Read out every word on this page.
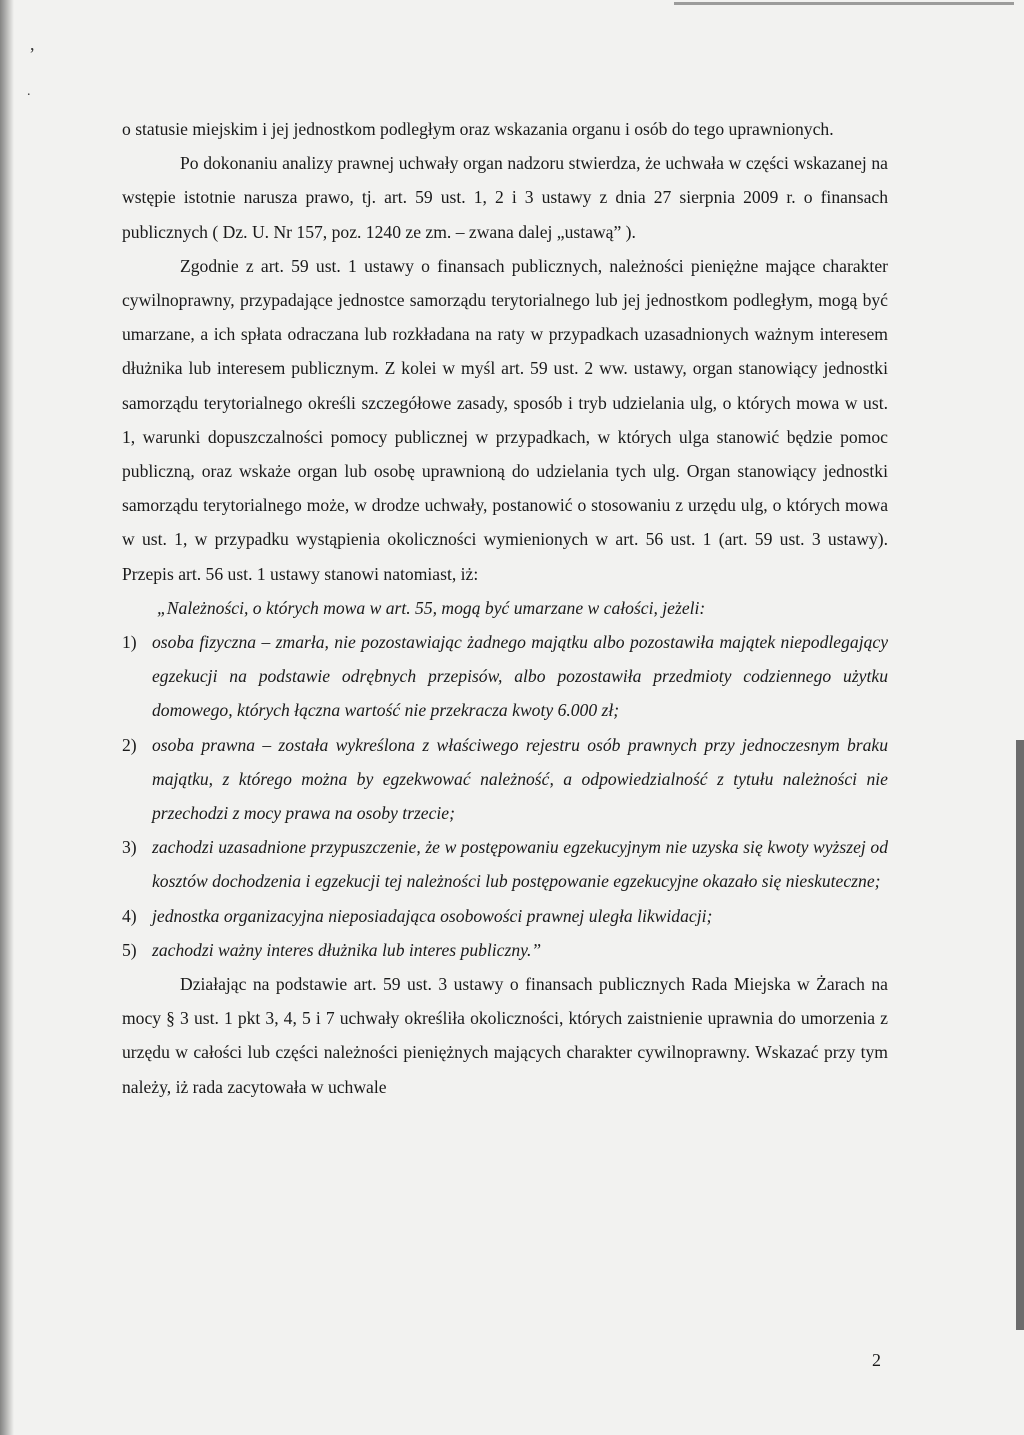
,
.

o statusie miejskim i jej jednostkom podległym oraz wskazania organu i osób do tego uprawnionych.

Po dokonaniu analizy prawnej uchwały organ nadzoru stwierdza, że uchwała w części wskazanej na wstępie istotnie narusza prawo, tj. art. 59 ust. 1, 2 i 3 ustawy z dnia 27 sierpnia 2009 r. o finansach publicznych ( Dz. U. Nr 157, poz. 1240 ze zm. – zwana dalej „ustawą” ).

Zgodnie z art. 59 ust. 1 ustawy o finansach publicznych, należności pieniężne mające charakter cywilnoprawny, przypadające jednostce samorządu terytorialnego lub jej jednostkom podległym, mogą być umarzane, a ich spłata odraczana lub rozkładana na raty w przypadkach uzasadnionych ważnym interesem dłużnika lub interesem publicznym. Z kolei w myśl art. 59 ust. 2 ww. ustawy, organ stanowiący jednostki samorządu terytorialnego określi szczegółowe zasady, sposób i tryb udzielania ulg, o których mowa w ust. 1, warunki dopuszczalności pomocy publicznej w przypadkach, w których ulga stanowić będzie pomoc publiczną, oraz wskaże organ lub osobę uprawnioną do udzielania tych ulg. Organ stanowiący jednostki samorządu terytorialnego może, w drodze uchwały, postanowić o stosowaniu z urzędu ulg, o których mowa w ust. 1, w przypadku wystąpienia okoliczności wymienionych w art. 56 ust. 1 (art. 59 ust. 3 ustawy). Przepis art. 56 ust. 1 ustawy stanowi natomiast, iż:

„Należności, o których mowa w art. 55, mogą być umarzane w całości, jeżeli:

1) osoba fizyczna – zmarła, nie pozostawiając żadnego majątku albo pozostawiła majątek niepodlegający egzekucji na podstawie odrębnych przepisów, albo pozostawiła przedmioty codziennego użytku domowego, których łączna wartość nie przekracza kwoty 6.000 zł;
2) osoba prawna – została wykreślona z właściwego rejestru osób prawnych przy jednoczesnym braku majątku, z którego można by egzekwować należność, a odpowiedzialność z tytułu należności nie przechodzi z mocy prawa na osoby trzecie;
3) zachodzi uzasadnione przypuszczenie, że w postępowaniu egzekucyjnym nie uzyska się kwoty wyższej od kosztów dochodzenia i egzekucji tej należności lub postępowanie egzekucyjne okazało się nieskuteczne;
4) jednostka organizacyjna nieposiadająca osobowości prawnej uległa likwidacji;
5) zachodzi ważny interes dłużnika lub interes publiczny.”

Działając na podstawie art. 59 ust. 3 ustawy o finansach publicznych Rada Miejska w Żarach na mocy § 3 ust. 1 pkt 3, 4, 5 i 7 uchwały określiła okoliczności, których zaistnienie uprawnia do umorzenia z urzędu w całości lub części należności pieniężnych mających charakter cywilnoprawny. Wskazać przy tym należy, iż rada zacytowała w uchwale

2
